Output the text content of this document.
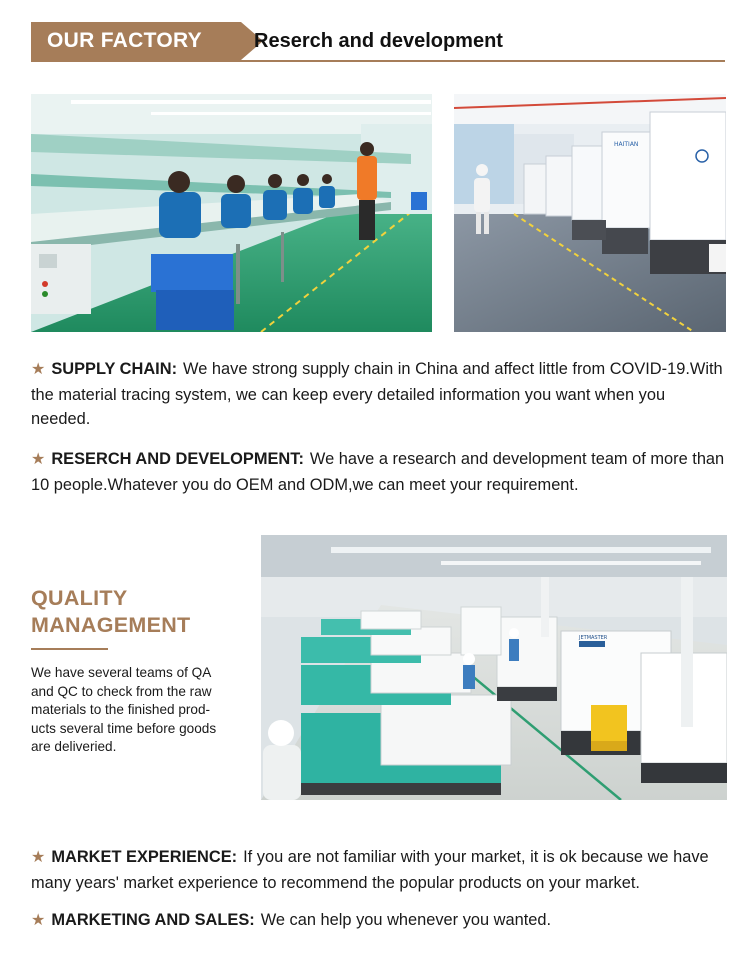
OUR FACTORY	Reserch and development
HAITIAN
★ SUPPLY CHAIN: We have strong supply chain in China and affect little from COVID-19.With the material tracing system, we can keep every detailed information you want when you needed.
★ RESERCH AND DEVELOPMENT: We have a research and development team of more than 10 people.Whatever you do OEM and ODM,we can meet your requirement.
QUALITY
MANAGEMENT
We have several teams of QA
and QC to check from the raw
materials to the finished prod-
ucts several time before goods
are deliveried.
JETMASTER
★ MARKET EXPERIENCE: If you are not familiar with your market, it is ok because we have many years' market experience to recommend the popular products on your market.
★ MARKETING AND SALES: We can help you whenever you wanted.
